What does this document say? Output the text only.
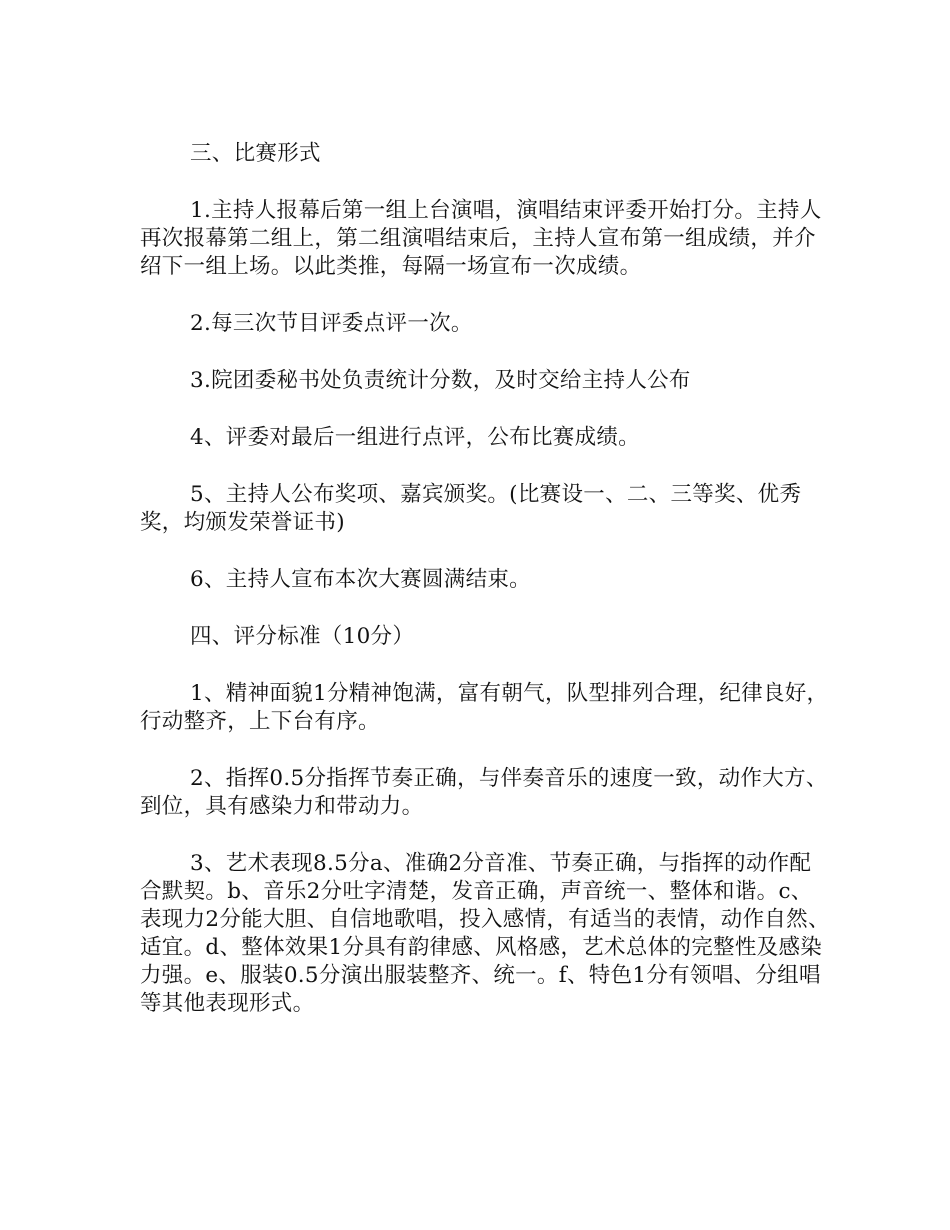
三、比赛形式

1.主持人报幕后第一组上台演唱，演唱结束评委开始打分。主持人再次报幕第二组上，第二组演唱结束后，主持人宣布第一组成绩，并介绍下一组上场。以此类推，每隔一场宣布一次成绩。

2.每三次节目评委点评一次。

3.院团委秘书处负责统计分数，及时交给主持人公布

4、评委对最后一组进行点评，公布比赛成绩。

5、主持人公布奖项、嘉宾颁奖。(比赛设一、二、三等奖、优秀奖，均颁发荣誉证书)

6、主持人宣布本次大赛圆满结束。

四、评分标准（10分）

1、精神面貌1分精神饱满，富有朝气，队型排列合理，纪律良好，行动整齐，上下台有序。

2、指挥0.5分指挥节奏正确，与伴奏音乐的速度一致，动作大方、到位，具有感染力和带动力。

3、艺术表现8.5分a、准确2分音准、节奏正确，与指挥的动作配合默契。b、音乐2分吐字清楚，发音正确，声音统一、整体和谐。c、表现力2分能大胆、自信地歌唱，投入感情，有适当的表情，动作自然、适宜。d、整体效果1分具有韵律感、风格感，艺术总体的完整性及感染力强。e、服装0.5分演出服装整齐、统一。f、特色1分有领唱、分组唱等其他表现形式。
